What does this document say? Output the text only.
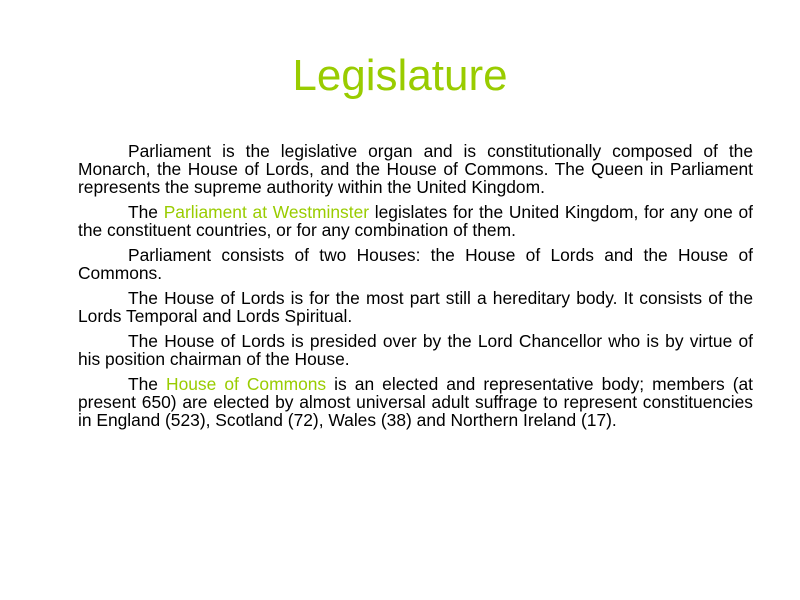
Legislature

Parliament is the legislative organ and is constitutionally composed of the Monarch, the House of Lords, and the House of Commons. The Queen in Parliament represents the supreme authority within the United Kingdom.

The Parliament at Westminster legislates for the United Kingdom, for any one of the constituent countries, or for any combination of them.

Parliament consists of two Houses: the House of Lords and the House of Commons.

The House of Lords is for the most part still a hereditary body. It consists of the Lords Temporal and Lords Spiritual.

The House of Lords is presided over by the Lord Chancellor who is by virtue of his position chairman of the House.

The House of Commons is an elected and representative body; members (at present 650) are elected by almost universal adult suffrage to represent constituencies in England (523), Scotland (72), Wales (38) and Northern Ireland (17).
